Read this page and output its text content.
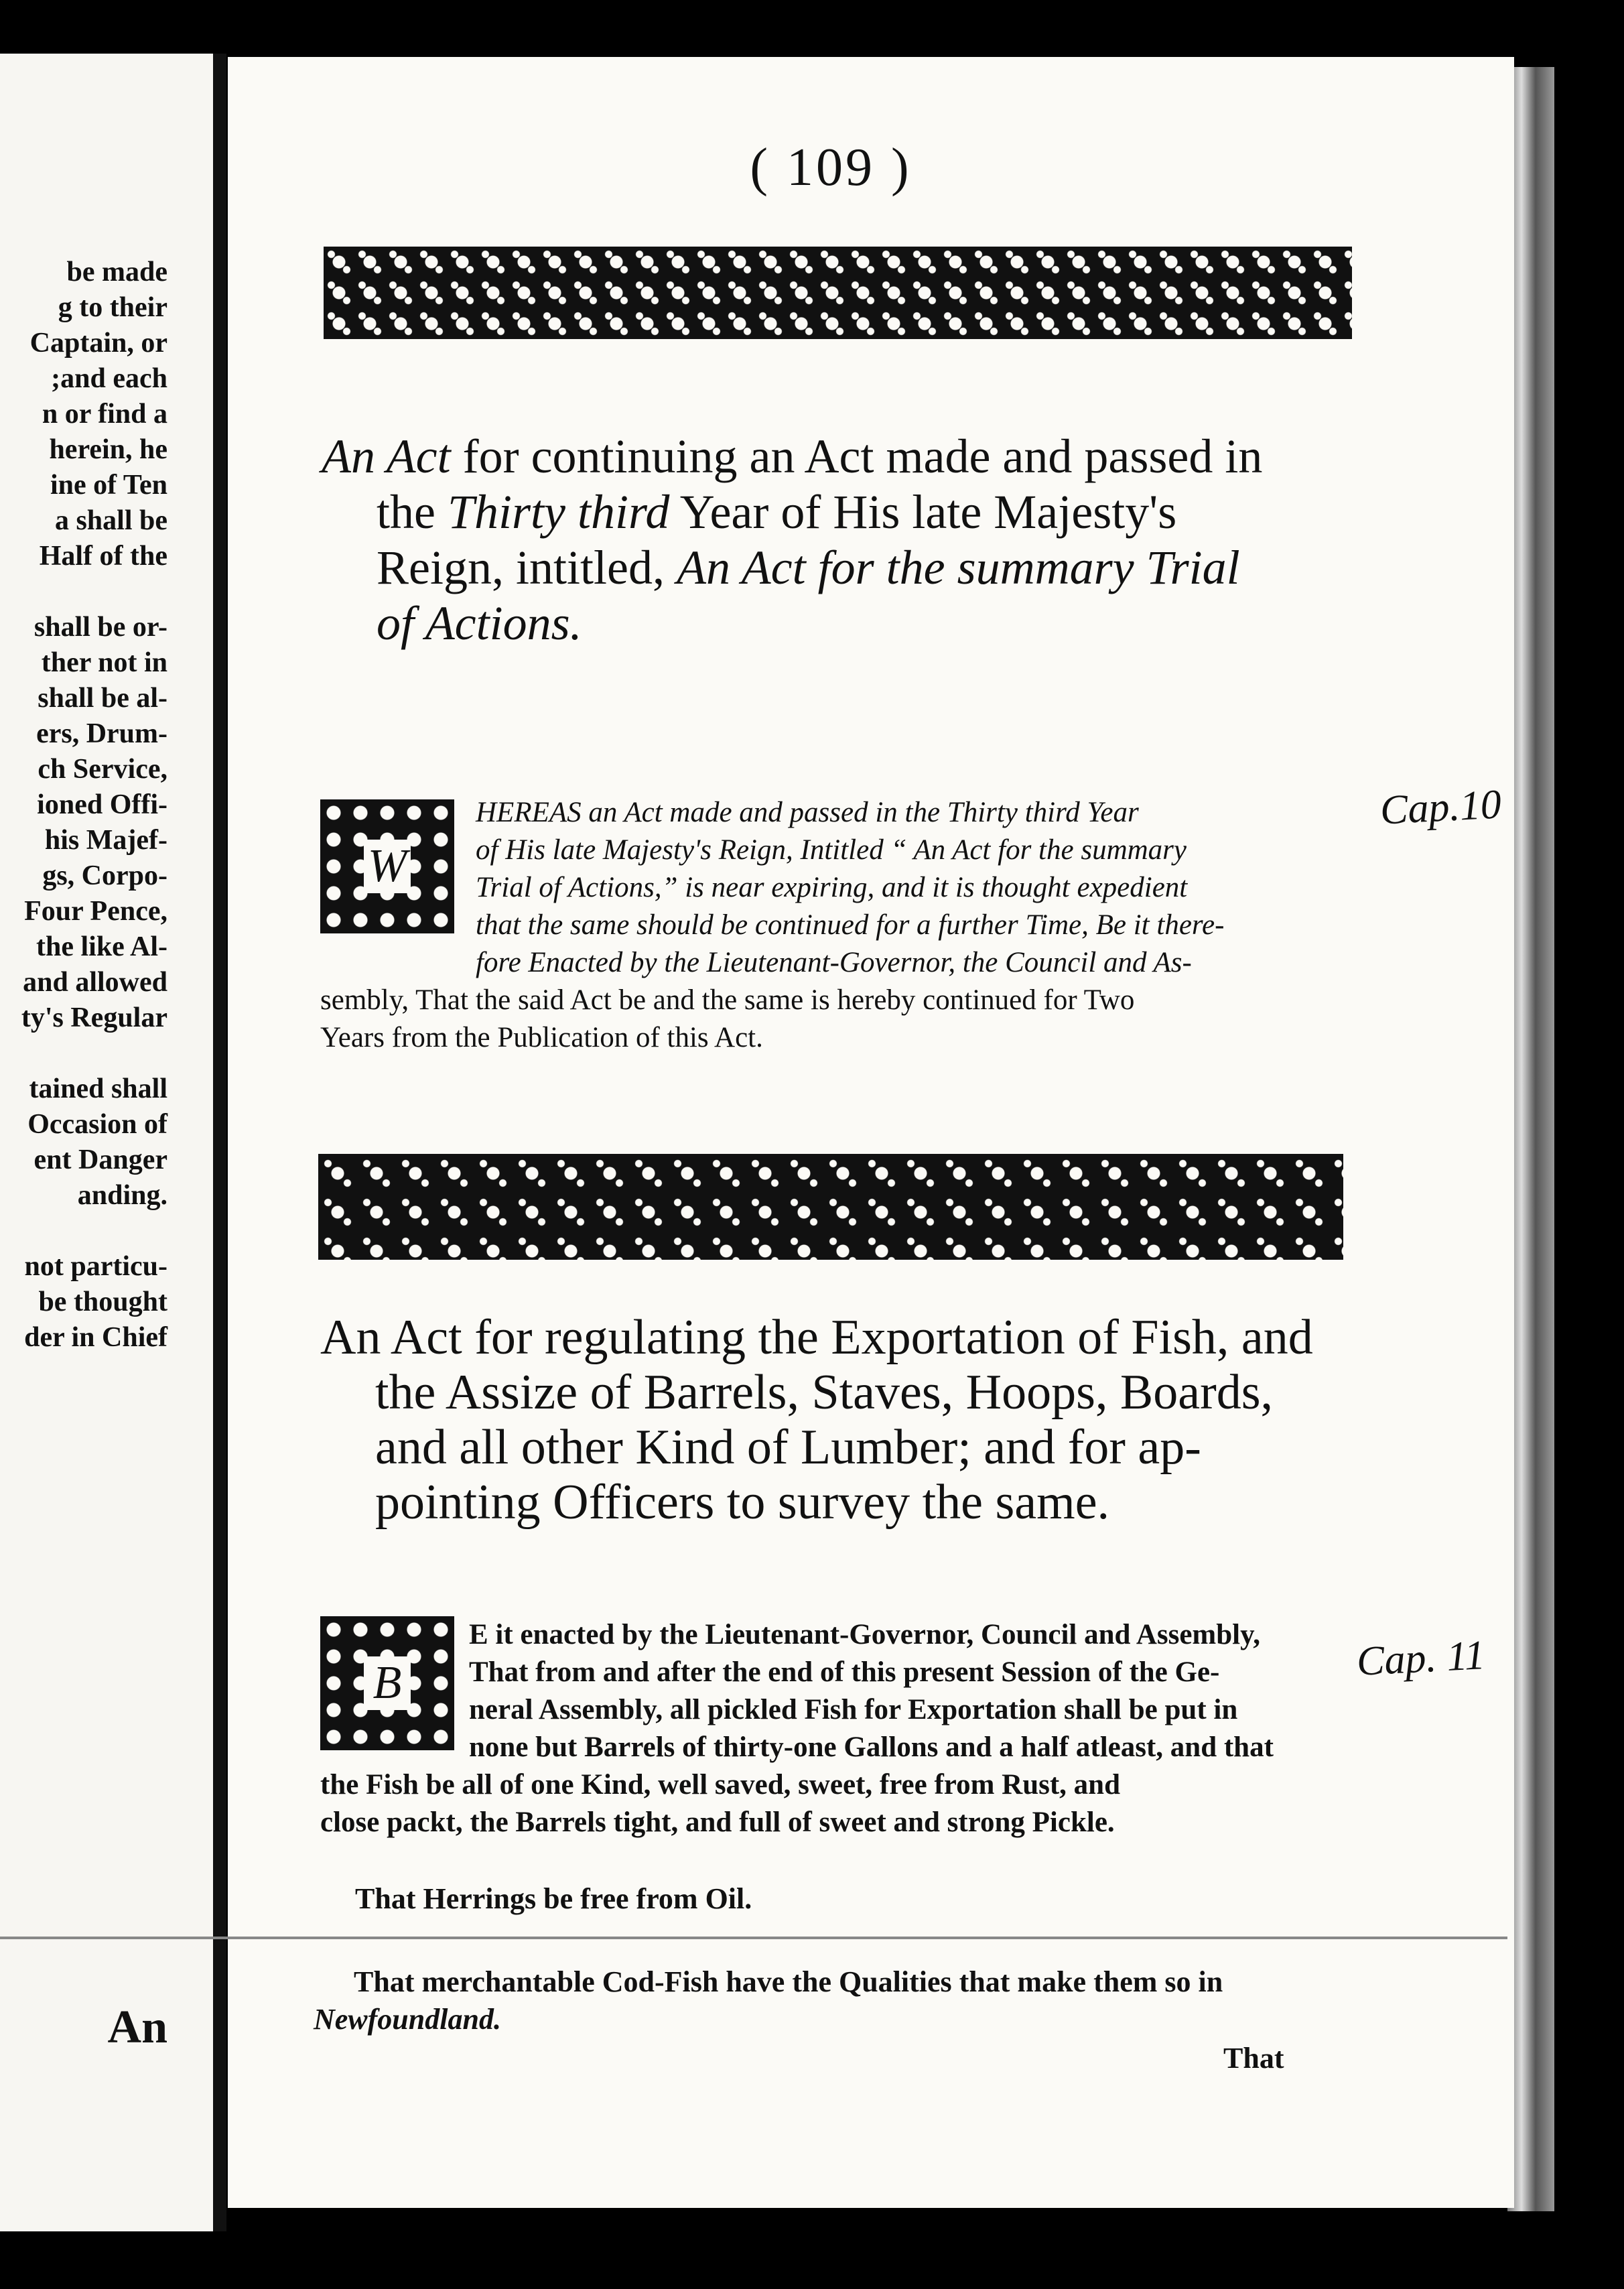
be made
g to their
Captain, or
;and each
n or find a
herein, he
ine of Ten
a shall be
Half of the
shall be or-
ther not in
shall be al-
ers, Drum-
ch Service,
ioned Offi-
his Majef-
gs, Corpo-
Four Pence,
the like Al-
and allowed
ty's Regular
tained shall
Occasion of
ent Danger
anding.
not particu-
be thought
der in Chief
An
( 109 )
An Act for continuing an Act made and passed in
the Thirty third Year of His late Majesty's
Reign, intitled, An Act for the summary Trial
of Actions.
W
HEREAS an Act made and passed in the Thirty third Year
of His late Majesty's Reign, Intitled “ An Act for the summary
Trial of Actions,” is near expiring, and it is thought expedient
that the same should be continued for a further Time, Be it there-
fore Enacted by the Lieutenant-Governor, the Council and As-
sembly, That the said Act be and the same is hereby continued for Two
Years from the Publication of this Act.
Cap.10
An Act for regulating the Exportation of Fish, and
the Assize of Barrels, Staves, Hoops, Boards,
and all other Kind of Lumber; and for ap-
pointing Officers to survey the same.
B
E it enacted by the Lieutenant-Governor, Council and Assembly,
That from and after the end of this present Session of the Ge-
neral Assembly, all pickled Fish for Exportation shall be put in
none but Barrels of thirty-one Gallons and a half atleast, and that
the Fish be all of one Kind, well saved, sweet, free from Rust, and
close packt, the Barrels tight, and full of sweet and strong Pickle.
Cap. 11
That Herrings be free from Oil.
That merchantable Cod-Fish have the Qualities that make them so in
Newfoundland.
That
